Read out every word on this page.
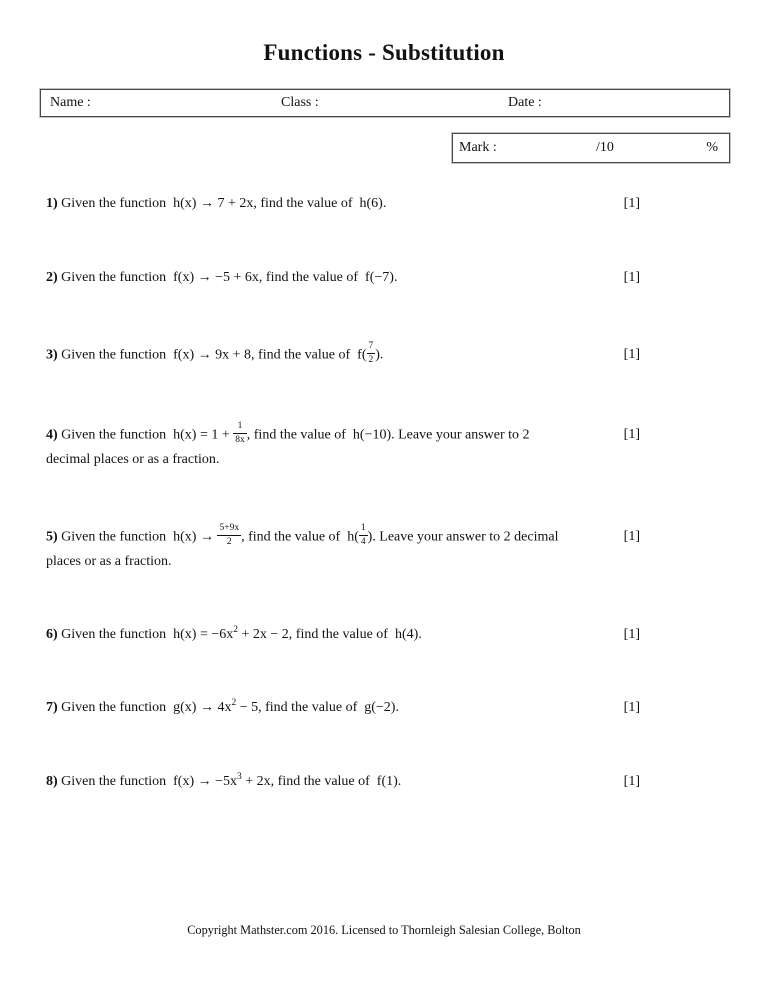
Functions - Substitution
Name :	Class :	Date :
Mark :	/10	%
1) Given the function  h(x) → 7 + 2x, find the value of  h(6).	[1]
2) Given the function  f(x) → −5 + 6x, find the value of  f(−7).	[1]
3) Given the function  f(x) → 9x + 8, find the value of  $f( \frac{7}{2}$ ).	[1]
4) Given the function  $h(x) = 1 + \frac{1}{8x}$ , find the value of  h(−10). Leave your answer to 2
decimal places or as a fraction.
[1]
5) Given the function  $h(x) \to \frac{5+9x}{2}$ , find the value of  $h( \frac{1}{4}$ ). Leave your answer to 2 decimal
places or as a fraction.
[1]
6) Given the function  $h(x) = -6x^2 + 2x - 2$, find the value of  h(4).	[1]
7) Given the function  $g(x) \to 4x^2 - 5$, find the value of  g(−2).	[1]
8) Given the function  $f(x) \to -5x^3 + 2x$, find the value of  f(1).	[1]
Copyright Mathster.com 2016. Licensed to Thornleigh Salesian College, Bolton
